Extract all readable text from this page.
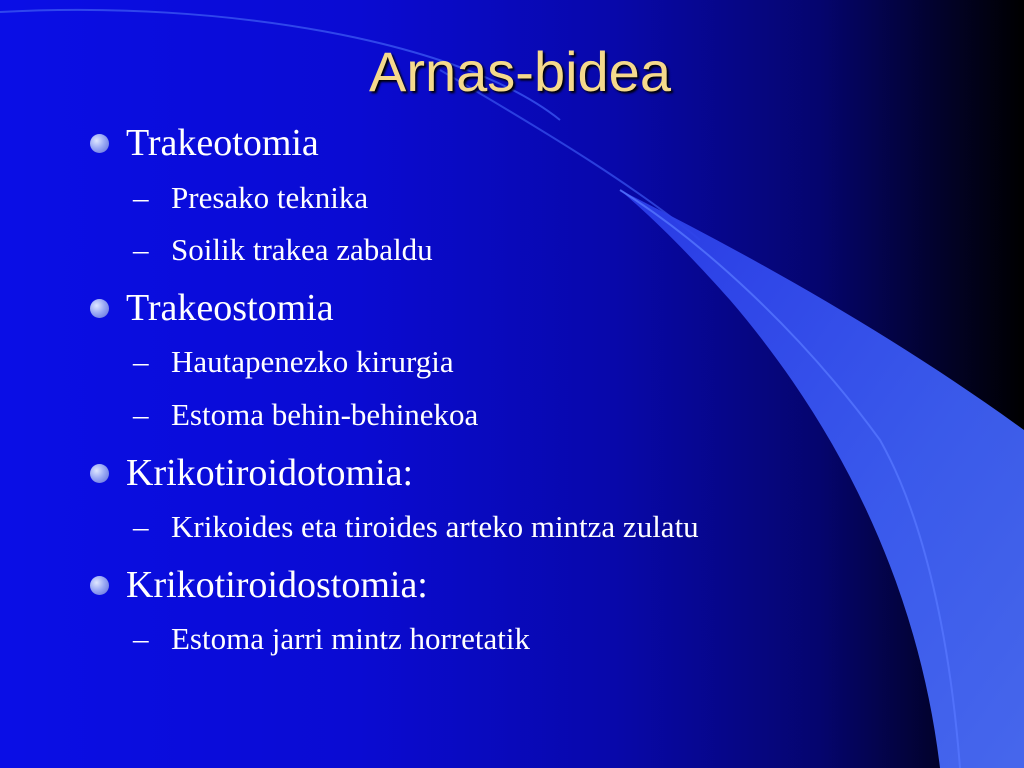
Arnas-bidea
Trakeotomia
– Presako teknika
– Soilik trakea zabaldu
Trakeostomia
– Hautapenezko kirurgia
– Estoma behin-behinekoa
Krikotiroidotomia:
– Krikoides eta tiroides arteko mintza zulatu
Krikotiroidostomia:
– Estoma jarri mintz horretatik
